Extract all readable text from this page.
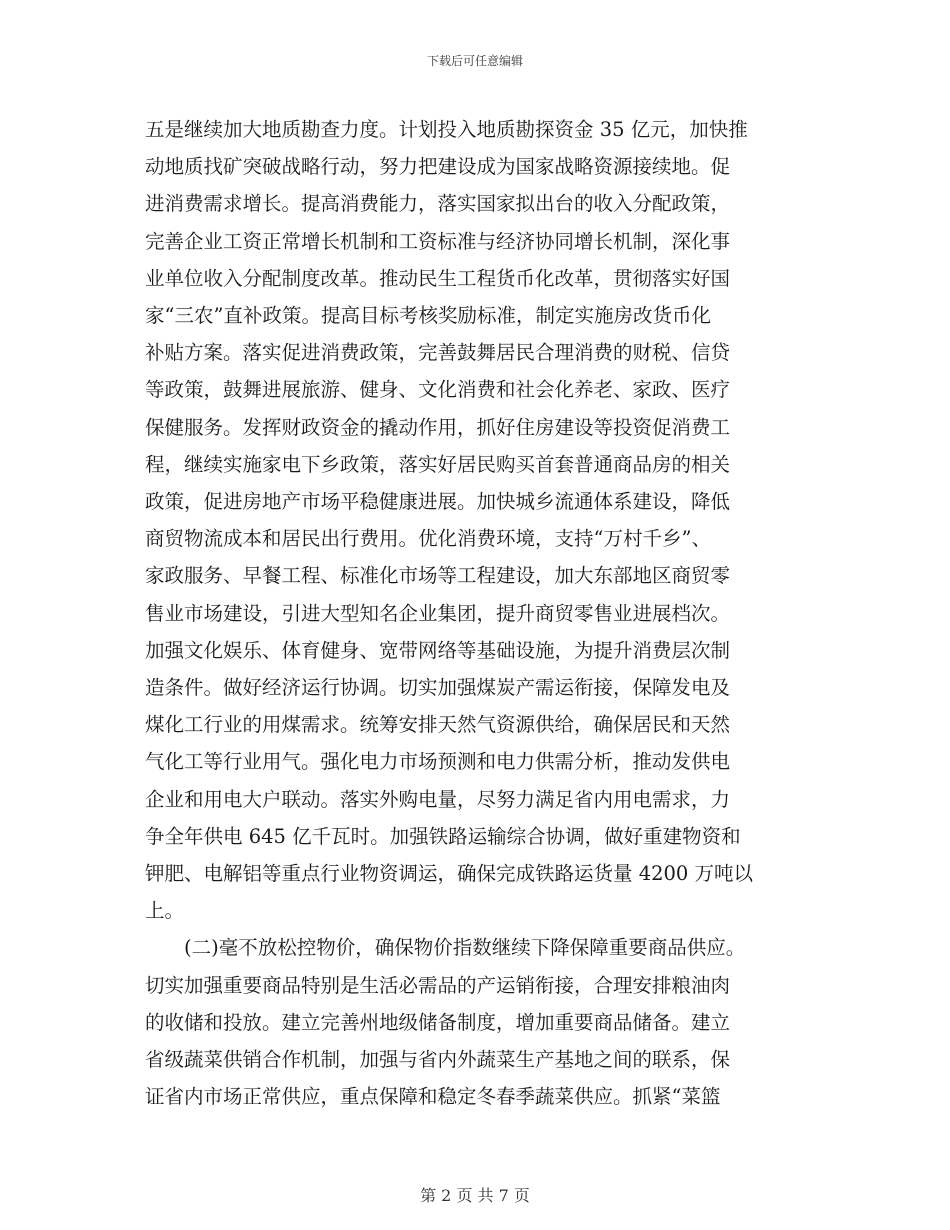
下载后可任意编辑

五是继续加大地质勘查力度。计划投入地质勘探资金 35 亿元，加快推

动地质找矿突破战略行动，努力把建设成为国家战略资源接续地。促

进消费需求增长。提高消费能力，落实国家拟出台的收入分配政策，

完善企业工资正常增长机制和工资标准与经济协同增长机制，深化事

业单位收入分配制度改革。推动民生工程货币化改革，贯彻落实好国

家“三农”直补政策。提高目标考核奖励标准，制定实施房改货币化

补贴方案。落实促进消费政策，完善鼓舞居民合理消费的财税、信贷

等政策，鼓舞进展旅游、健身、文化消费和社会化养老、家政、医疗

保健服务。发挥财政资金的撬动作用，抓好住房建设等投资促消费工

程，继续实施家电下乡政策，落实好居民购买首套普通商品房的相关

政策，促进房地产市场平稳健康进展。加快城乡流通体系建设，降低

商贸物流成本和居民出行费用。优化消费环境，支持“万村千乡”、

家政服务、早餐工程、标准化市场等工程建设，加大东部地区商贸零

售业市场建设，引进大型知名企业集团，提升商贸零售业进展档次。

加强文化娱乐、体育健身、宽带网络等基础设施，为提升消费层次制

造条件。做好经济运行协调。切实加强煤炭产需运衔接，保障发电及

煤化工行业的用煤需求。统筹安排天然气资源供给，确保居民和天然

气化工等行业用气。强化电力市场预测和电力供需分析，推动发供电

企业和用电大户联动。落实外购电量，尽努力满足省内用电需求，力

争全年供电 645 亿千瓦时。加强铁路运输综合协调，做好重建物资和

钾肥、电解铝等重点行业物资调运，确保完成铁路运货量 4200 万吨以

上。

　　(二)毫不放松控物价，确保物价指数继续下降保障重要商品供应。

切实加强重要商品特别是生活必需品的产运销衔接，合理安排粮油肉

的收储和投放。建立完善州地级储备制度，增加重要商品储备。建立

省级蔬菜供销合作机制，加强与省内外蔬菜生产基地之间的联系，保

证省内市场正常供应，重点保障和稳定冬春季蔬菜供应。抓紧“菜篮

第 2 页 共 7 页
